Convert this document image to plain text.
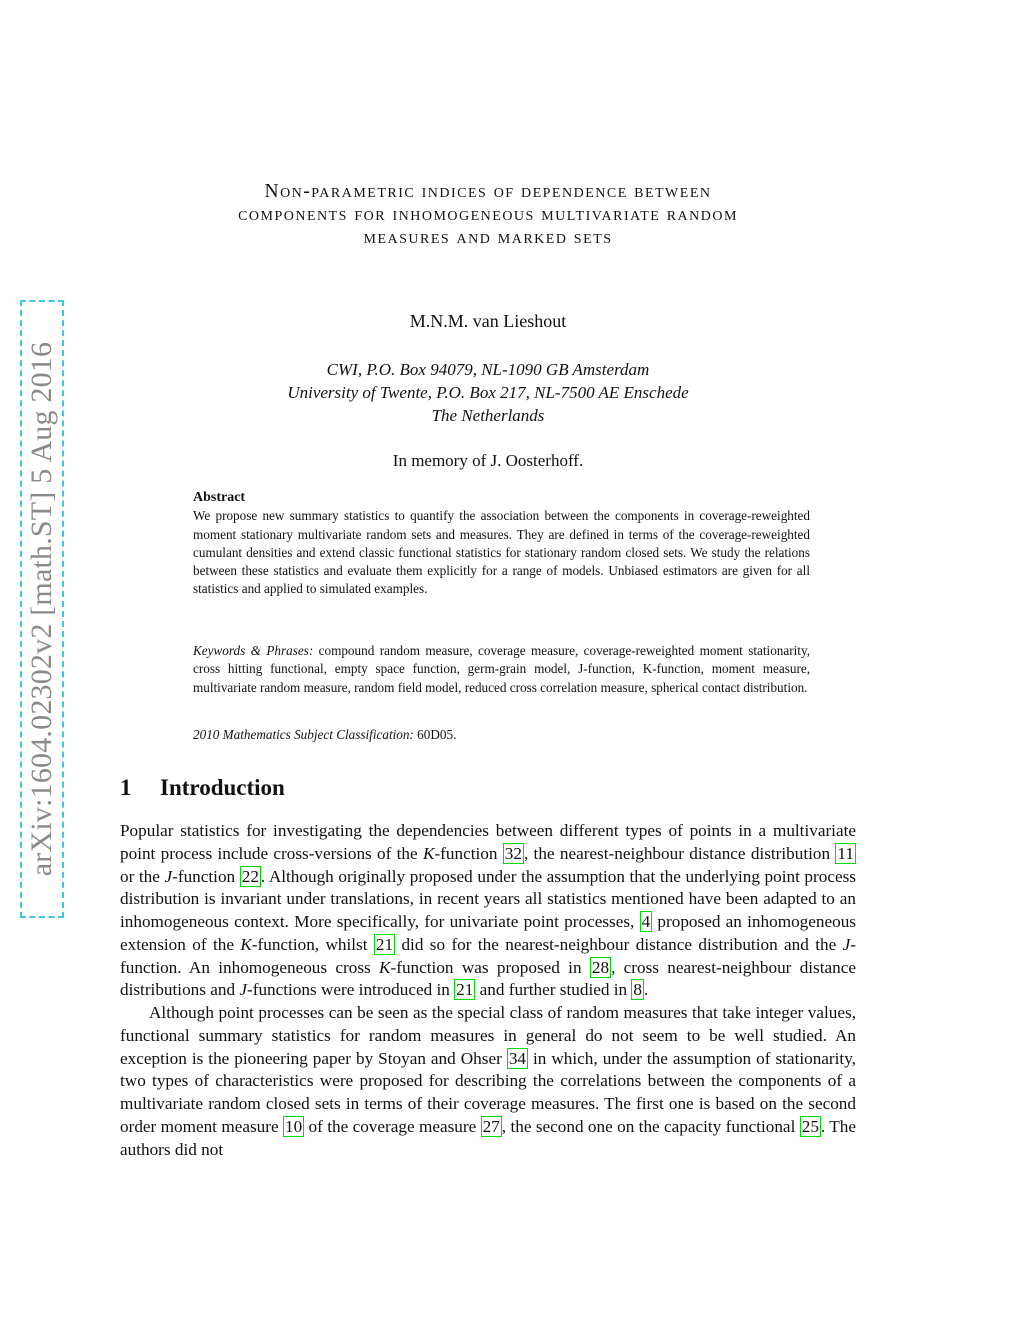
arXiv:1604.02302v2 [math.ST] 5 Aug 2016
Non-parametric indices of dependence between
components for inhomogeneous multivariate random
measures and marked sets
M.N.M. van Lieshout
CWI, P.O. Box 94079, NL-1090 GB Amsterdam
University of Twente, P.O. Box 217, NL-7500 AE Enschede
The Netherlands
In memory of J. Oosterhoff.
Abstract
We propose new summary statistics to quantify the association between the components in coverage-reweighted moment stationary multivariate random sets and measures. They are defined in terms of the coverage-reweighted cumulant densities and extend classic functional statistics for stationary random closed sets. We study the relations between these statistics and evaluate them explicitly for a range of models. Unbiased estimators are given for all statistics and applied to simulated examples.
Keywords & Phrases: compound random measure, coverage measure, coverage-reweighted moment stationarity, cross hitting functional, empty space function, germ-grain model, J-function, K-function, moment measure, multivariate random measure, random field model, reduced cross correlation measure, spherical contact distribution.
2010 Mathematics Subject Classification: 60D05.
1 Introduction

Popular statistics for investigating the dependencies between different types of points in a multivariate point process include cross-versions of the K-function 32 , the nearest-neighbour distance distribution 11 or the J-function 22 . Although originally proposed under the assumption that the underlying point process distribution is invariant under translations, in recent years all statistics mentioned have been adapted to an inhomogeneous context. More specifically, for univariate point processes, 4 proposed an inhomogeneous extension of the K-function, whilst 21 did so for the nearest-neighbour distance distribution and the J-function. An inhomogeneous cross K-function was proposed in 28 , cross nearest-neighbour distance distributions and J-functions were introduced in 21 and further studied in 8 .

Although point processes can be seen as the special class of random measures that take integer values, functional summary statistics for random measures in general do not seem to be well studied. An exception is the pioneering paper by Stoyan and Ohser 34 in which, under the assumption of stationarity, two types of characteristics were proposed for describing the correlations between the components of a multivariate random closed sets in terms of their coverage measures. The first one is based on the second order moment measure 10 of the coverage measure 27 , the second one on the capacity functional 25 . The authors did not
